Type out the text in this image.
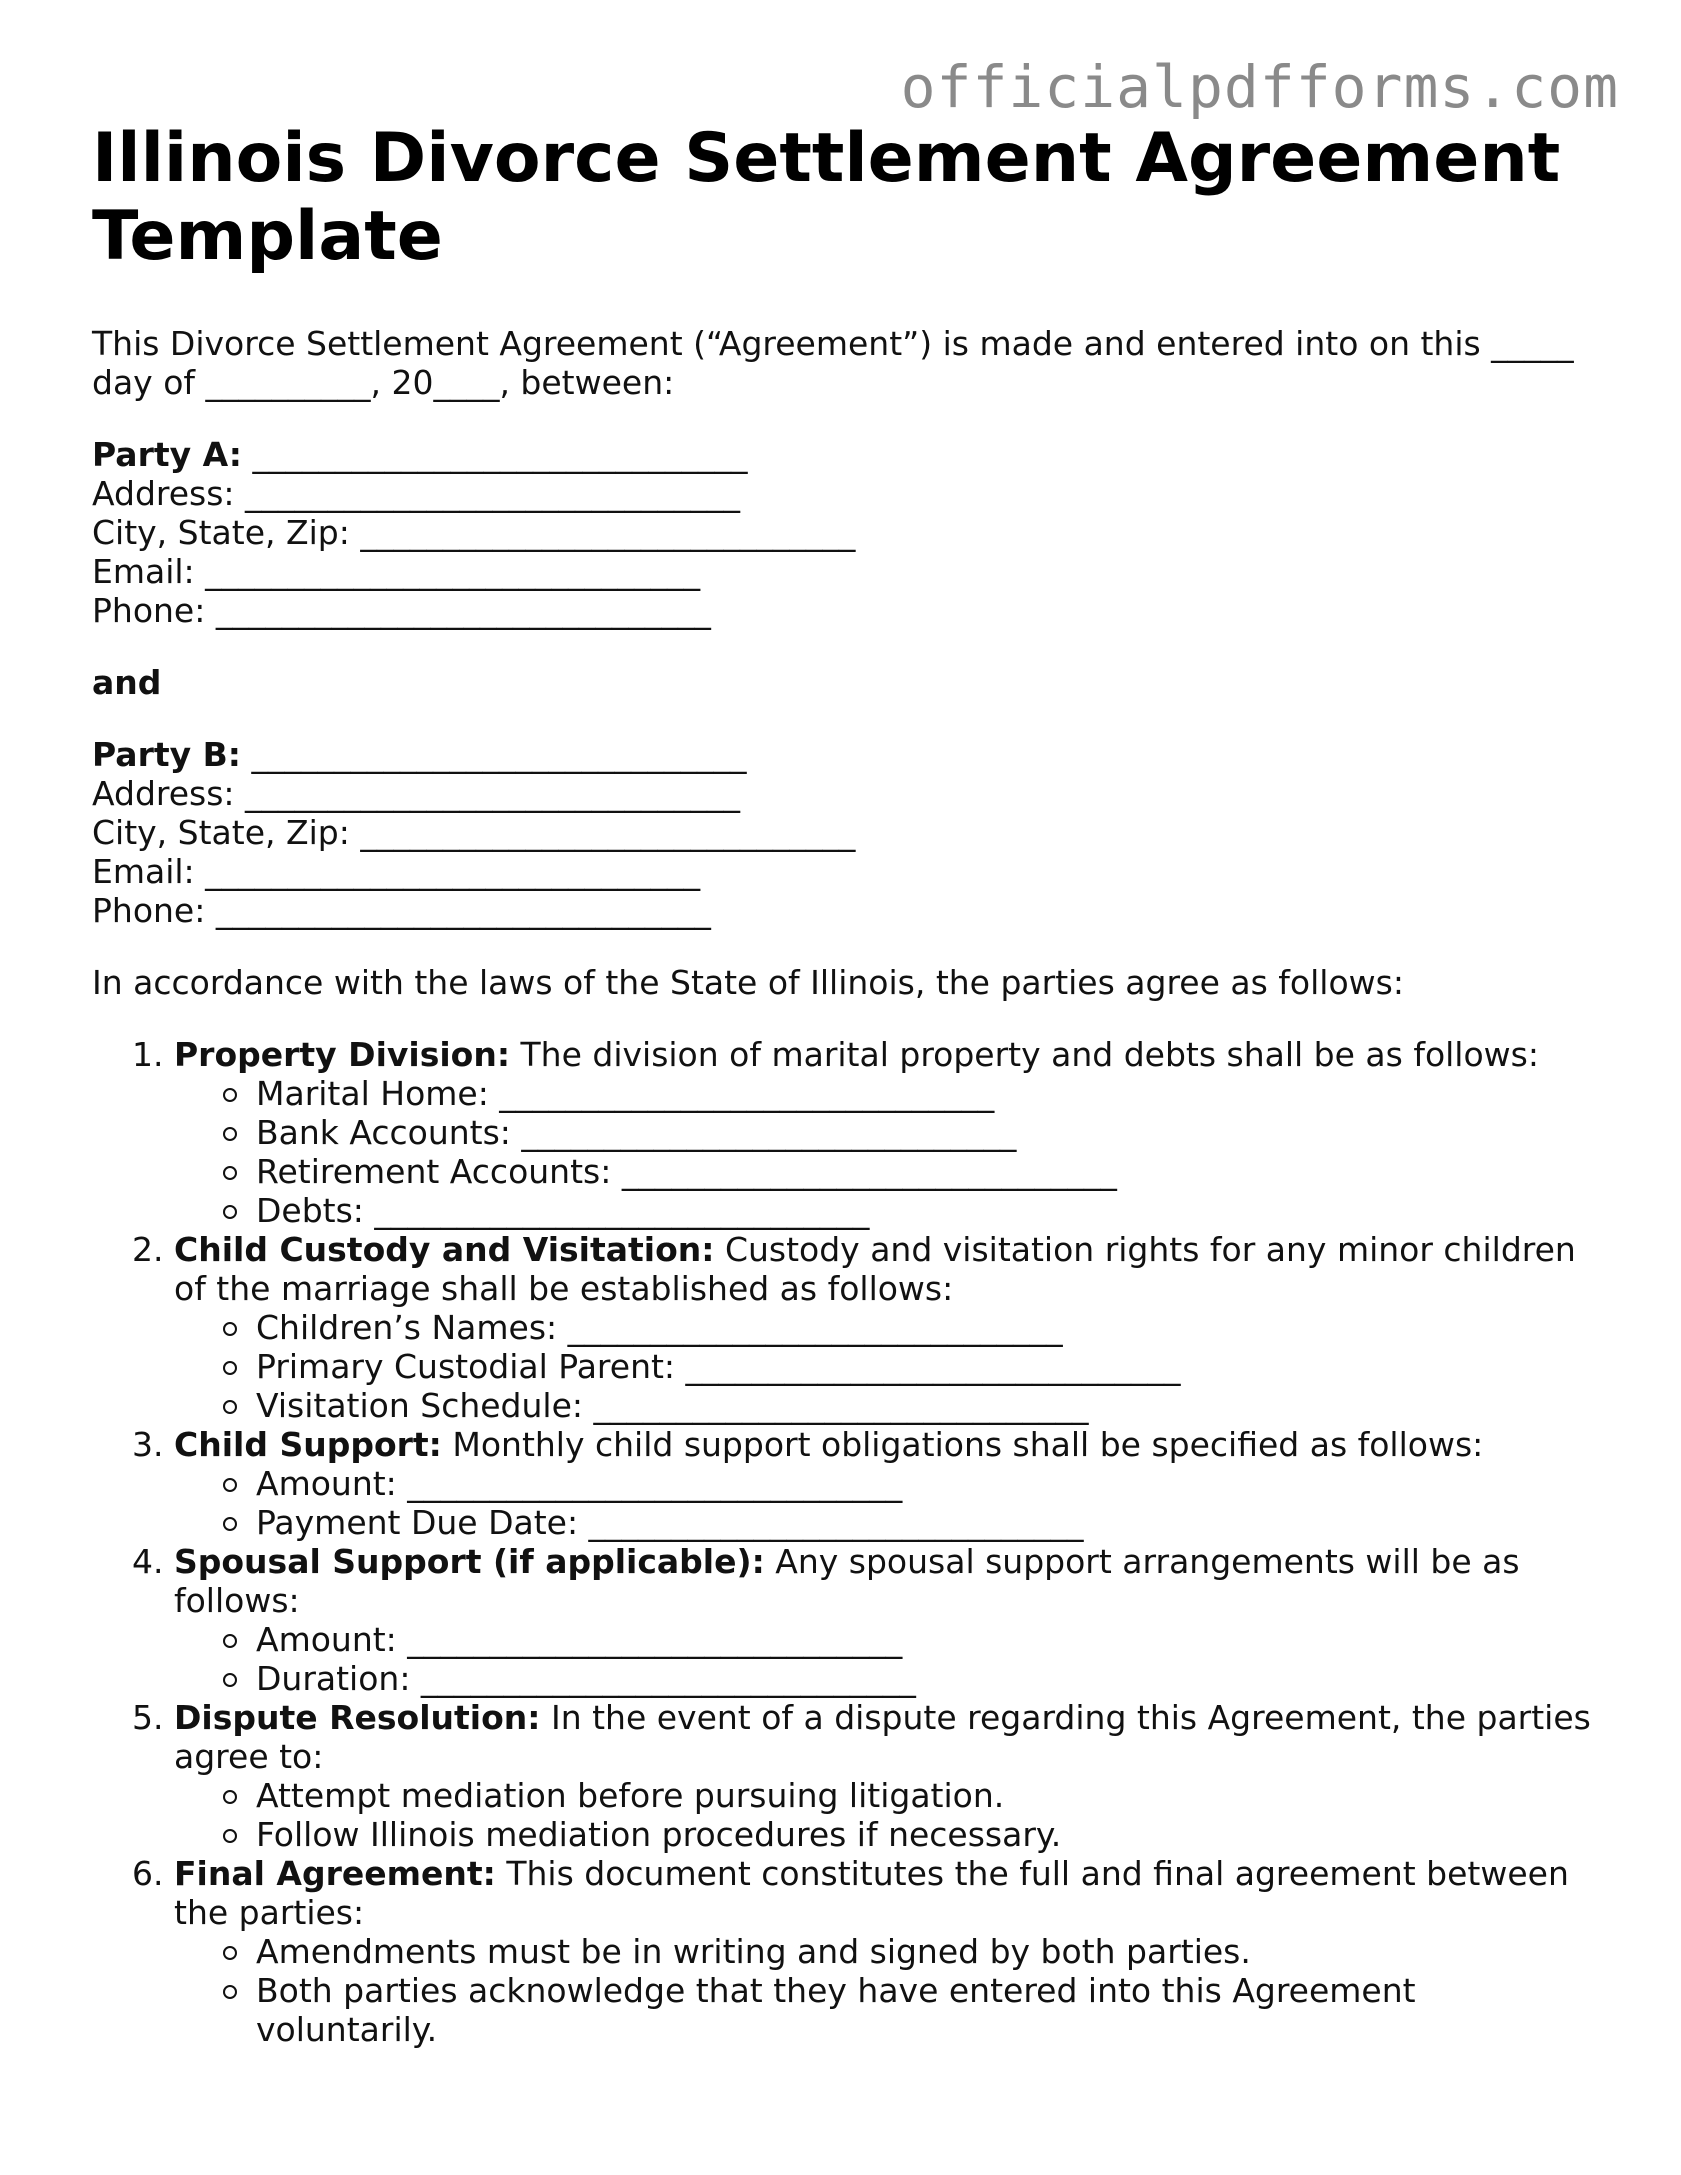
officialpdfforms.com
Illinois Divorce Settlement Agreement
Template

This Divorce Settlement Agreement (“Agreement”) is made and entered into on this _____
day of __________, 20____, between:

Party A: ______________________________
Address: ______________________________
City, State, Zip: ______________________________
Email: ______________________________
Phone: ______________________________

and

Party B: ______________________________
Address: ______________________________
City, State, Zip: ______________________________
Email: ______________________________
Phone: ______________________________

In accordance with the laws of the State of Illinois, the parties agree as follows:

1. Property Division: The division of marital property and debts shall be as follows:
Marital Home: ______________________________
Bank Accounts: ______________________________
Retirement Accounts: ______________________________
Debts: ______________________________
2. Child Custody and Visitation: Custody and visitation rights for any minor children of the marriage shall be established as follows:
Children’s Names: ______________________________
Primary Custodial Parent: ______________________________
Visitation Schedule: ______________________________
3. Child Support: Monthly child support obligations shall be specified as follows:
Amount: ______________________________
Payment Due Date: ______________________________
4. Spousal Support (if applicable): Any spousal support arrangements will be as follows:
Amount: ______________________________
Duration: ______________________________
5. Dispute Resolution: In the event of a dispute regarding this Agreement, the parties agree to:
Attempt mediation before pursuing litigation.
Follow Illinois mediation procedures if necessary.
6. Final Agreement: This document constitutes the full and final agreement between the parties:
Amendments must be in writing and signed by both parties.
Both parties acknowledge that they have entered into this Agreement voluntarily.
